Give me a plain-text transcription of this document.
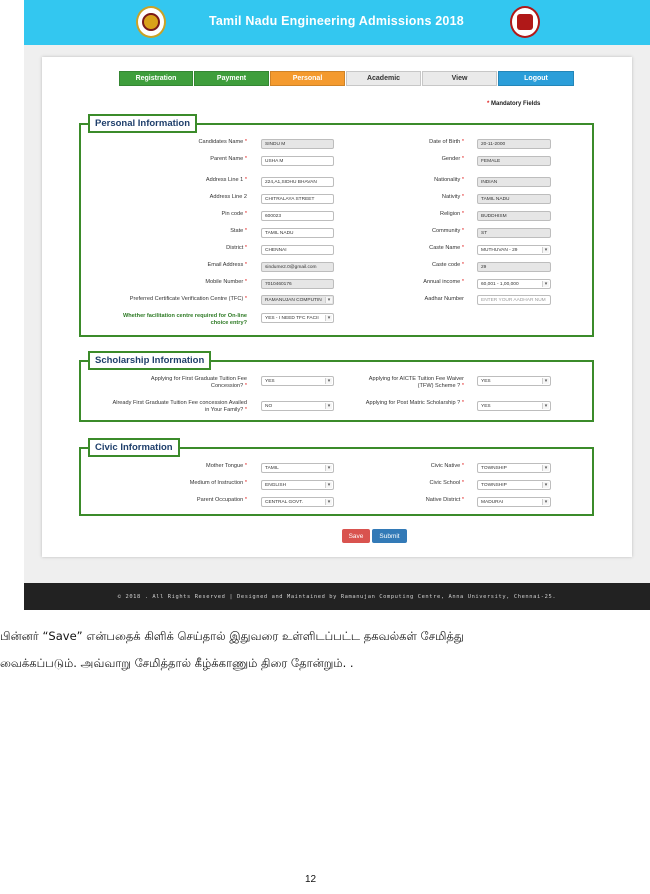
Tamil Nadu Engineering Admissions 2018
Registration	Payment	Personal	Academic	View	Logout
* Mandatory Fields
Personal Information
Candidates Name *	SINDU M
Parent Name *	USHA M
Address Line 1 *	224,A1,SIDHU BHAVAN
Address Line 2	CHITRALAYA STREET
Pin code *	600023
State *	TAMIL NADU
District *	CHENNAI
Email Address *	sindume2.0@gmail.com
Mobile Number *	7010460176
Preferred Certificate Verification Centre (TFC) *	RAMANUJAN COMPUTIN	▾
Whether facilitation centre required for On-line
choice entry?
YES - I NEED TFC FACII	▾
Date of Birth *	20-11-2000
Gender *	FEMALE
Nationality *	INDIAN
Nativity *	TAMIL NADU
Religion *	BUDDHISM
Community *	ST
Caste Name *	MUTHUVAN - 29	▾
Caste code *	29
Annual income *	60,001 - 1,00,000	▾
Aadhar Number	ENTER YOUR AADHAR NUM
Scholarship Information
Applying for First Graduate Tuition Fee
Concession? *
YES	▾
Already First Graduate Tuition Fee concession Availed
in Your Family? *
NO	▾
Applying for AICTE Tuition Fee Waiver
(TFW) Scheme ? *
YES	▾
Applying for Post Matric Scholarship ? *	YES	▾
Civic Information
Mother Tongue *	TAMIL	▾
Medium of Instruction *	ENGLISH	▾
Parent Occupation *	CENTRAL GOVT.	▾
Civic Native *	TOWNSHIP	▾
Civic School *	TOWNSHIP	▾
Native District *	MADURAI	▾
Save	Submit
© 2018 . All Rights Reserved | Designed and Maintained by Ramanujan Computing Centre, Anna University, Chennai-25.
பின்னர் “Save” என்பதைக் கிளிக் செய்தால் இதுவரை உள்ளிடப்பட்ட தகவல்கள் சேமித்து
வைக்கப்படும். அவ்வாறு சேமித்தால் கீழ்க்காணும் திரை தோன்றும். .
12
